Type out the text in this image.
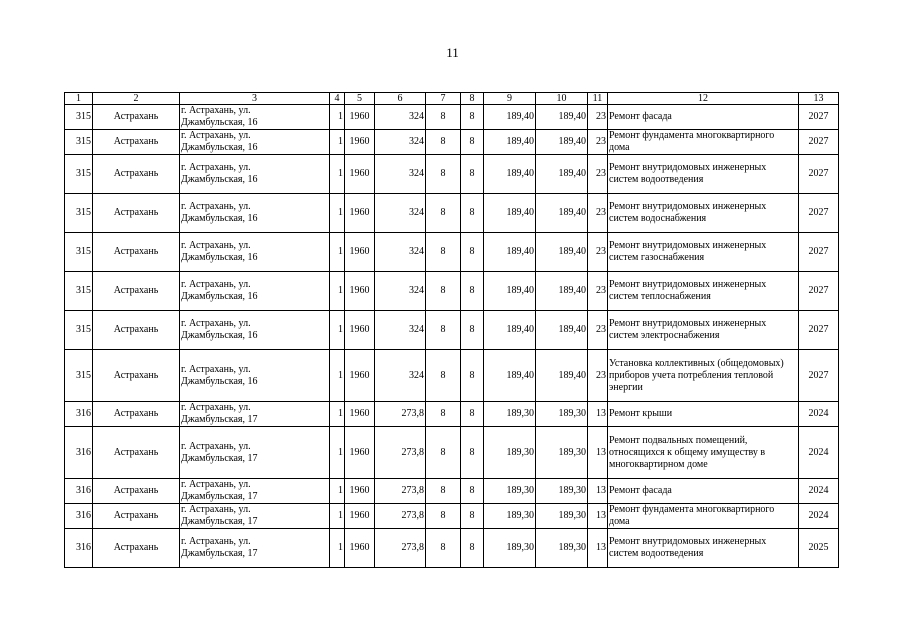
11
1	2	3	4	5	6	7	8	9	10	11	12	13
315	Астрахань	г. Астрахань, ул.
Джамбульская, 16	1	1960	324	8	8	189,40	189,40	23	Ремонт фасада	2027
315	Астрахань	г. Астрахань, ул.
Джамбульская, 16	1	1960	324	8	8	189,40	189,40	23	Ремонт фундамента многоквартирного дома	2027
315	Астрахань	г. Астрахань, ул.
Джамбульская, 16	1	1960	324	8	8	189,40	189,40	23	Ремонт внутридомовых инженерных систем водоотведения	2027
315	Астрахань	г. Астрахань, ул.
Джамбульская, 16	1	1960	324	8	8	189,40	189,40	23	Ремонт внутридомовых инженерных систем водоснабжения	2027
315	Астрахань	г. Астрахань, ул.
Джамбульская, 16	1	1960	324	8	8	189,40	189,40	23	Ремонт внутридомовых инженерных систем газоснабжения	2027
315	Астрахань	г. Астрахань, ул.
Джамбульская, 16	1	1960	324	8	8	189,40	189,40	23	Ремонт внутридомовых инженерных систем теплоснабжения	2027
315	Астрахань	г. Астрахань, ул.
Джамбульская, 16	1	1960	324	8	8	189,40	189,40	23	Ремонт внутридомовых инженерных систем электроснабжения	2027
315	Астрахань	г. Астрахань, ул.
Джамбульская, 16	1	1960	324	8	8	189,40	189,40	23	Установка коллективных (общедомовых) приборов учета потребления тепловой энергии	2027
316	Астрахань	г. Астрахань, ул.
Джамбульская, 17	1	1960	273,8	8	8	189,30	189,30	13	Ремонт крыши	2024
316	Астрахань	г. Астрахань, ул.
Джамбульская, 17	1	1960	273,8	8	8	189,30	189,30	13	Ремонт подвальных помещений, относящихся к общему имуществу в многоквартирном доме	2024
316	Астрахань	г. Астрахань, ул.
Джамбульская, 17	1	1960	273,8	8	8	189,30	189,30	13	Ремонт фасада	2024
316	Астрахань	г. Астрахань, ул.
Джамбульская, 17	1	1960	273,8	8	8	189,30	189,30	13	Ремонт фундамента многоквартирного дома	2024
316	Астрахань	г. Астрахань, ул.
Джамбульская, 17	1	1960	273,8	8	8	189,30	189,30	13	Ремонт внутридомовых инженерных систем водоотведения	2025
